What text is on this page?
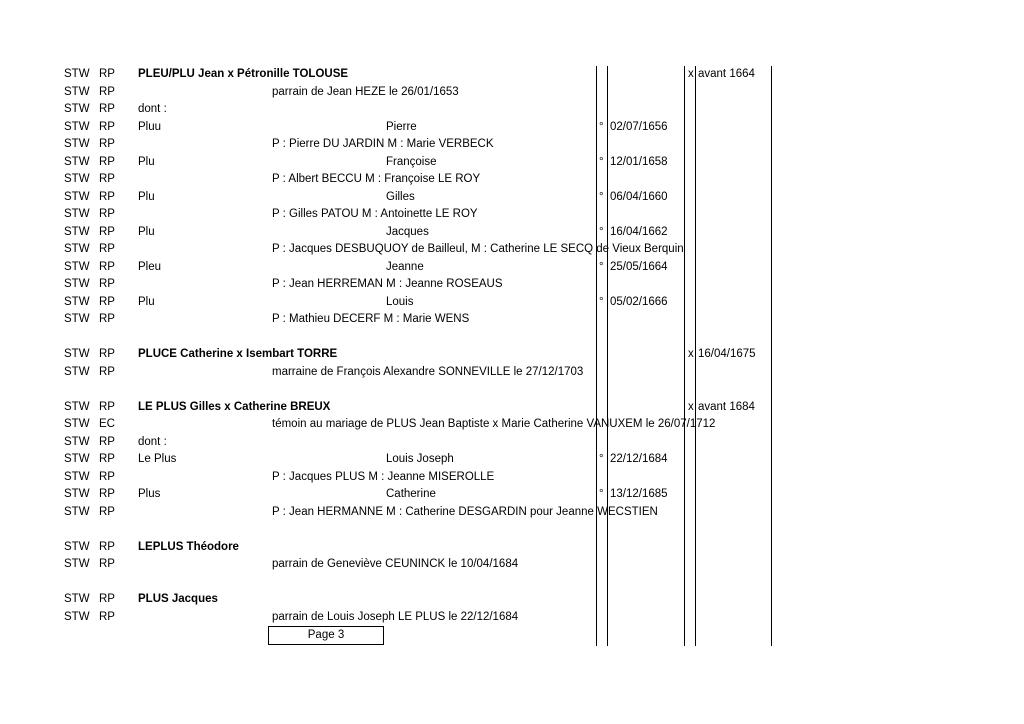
STW RP PLEU/PLU Jean x Pétronille TOLOUSE	x avant 1664
STW RP	parrain de Jean HEZE le 26/01/1653
STW RP dont :
STW RP Pluu	Pierre	° 02/07/1656
STW RP	P : Pierre DU JARDIN M : Marie VERBECK
STW RP Plu	Françoise	° 12/01/1658
STW RP	P : Albert BECCU M : Françoise LE ROY
STW RP Plu	Gilles	° 06/04/1660
STW RP	P : Gilles PATOU M : Antoinette LE ROY
STW RP Plu	Jacques	° 16/04/1662
STW RP	P : Jacques DESBUQUOY de Bailleul, M : Catherine LE SECQ de Vieux Berquin
STW RP Pleu	Jeanne	° 25/05/1664
STW RP	P : Jean HERREMAN M : Jeanne ROSEAUS
STW RP Plu	Louis	° 05/02/1666
STW RP	P : Mathieu DECERF M : Marie WENS
STW RP PLUCE Catherine x Isembart TORRE	x 16/04/1675
STW RP	marraine de François Alexandre SONNEVILLE le 27/12/1703
STW RP LE PLUS Gilles x Catherine BREUX	x avant 1684
STW EC	témoin au mariage de PLUS Jean Baptiste x Marie Catherine VANUXEM le 26/07/1712
STW RP dont :
STW RP Le Plus	Louis Joseph	° 22/12/1684
STW RP	P : Jacques PLUS M : Jeanne MISEROLLE
STW RP Plus	Catherine	° 13/12/1685
STW RP	P : Jean HERMANNE M : Catherine DESGARDIN pour Jeanne WECSTIEN
STW RP LEPLUS Théodore
STW RP	parrain de Geneviève CEUNINCK le 10/04/1684
STW RP PLUS Jacques
STW RP	parrain de Louis Joseph LE PLUS le 22/12/1684
Page 3
